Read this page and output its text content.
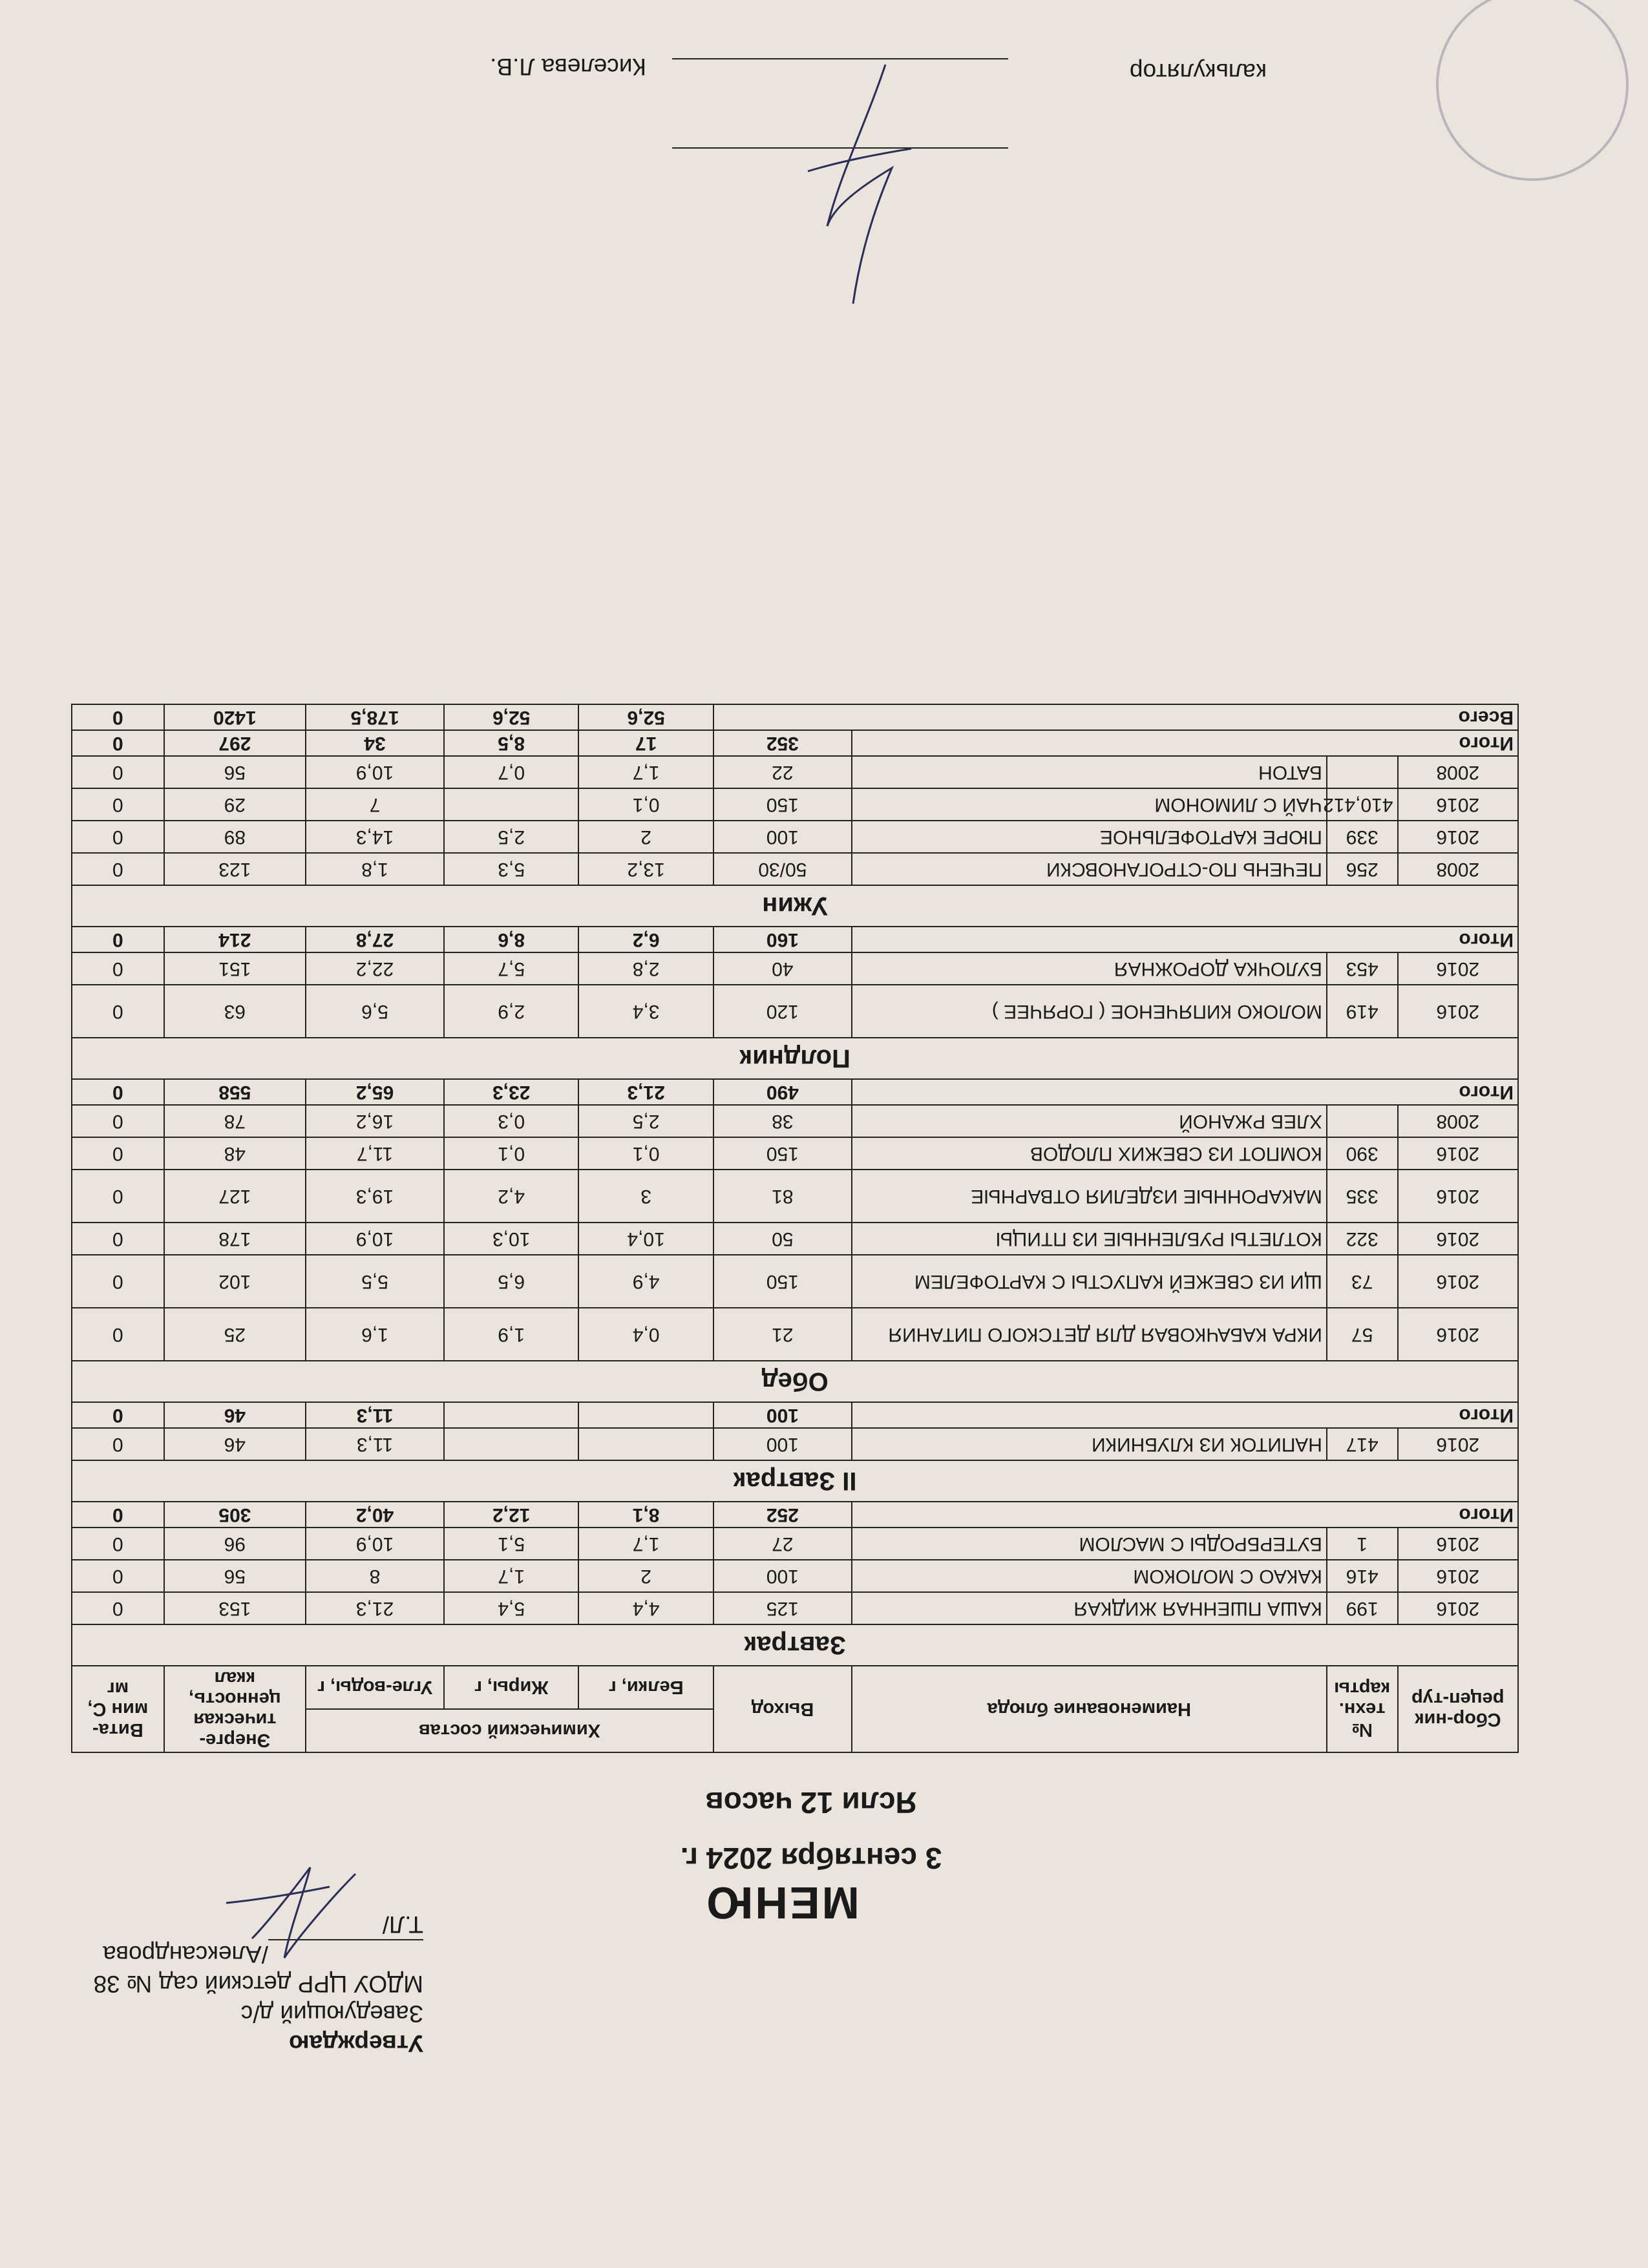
Утверждаю
Заведующий д/с
МДОУ ЦРР детский сад № 38
/Александрова Т.Л/	МЕНЮ
3 сентября 2024 г.
Ясли 12 часов
Сбор-ник рецеп-тур	№ техн. карты	Наименование блюда	Выход	Химический состав			Энерге-тическая ценность, ккал	Вита-мин С, мг
				Белки, г	Жиры, г	Угле-воды, г		
Завтрак								
2016	199	КАША ПШЕННАЯ ЖИДКАЯ	125	4,4	5,4	21,3	153	0
2016	416	КАКАО С МОЛОКОМ	100	2	1,7	8	56	0
2016	1	БУТЕРБРОДЫ С МАСЛОМ	27	1,7	5,1	10,9	96	0
Итого			252	8,1	12,2	40,2	305	0
II Завтрак								
2016	417	НАПИТОК ИЗ КЛУБНИКИ	100			11,3	46	0
Итого			100			11,3	46	0
Обед								
2016	57	ИКРА КАБАЧКОВАЯ ДЛЯ ДЕТСКОГО ПИТАНИЯ	21	0,4	1,9	1,6	25	0
2016	73	ЩИ ИЗ СВЕЖЕЙ КАПУСТЫ С КАРТОФЕЛЕМ	150	4,9	6,5	5,5	102	0
2016	322	КОТЛЕТЫ РУБЛЕННЫЕ ИЗ ПТИЦЫ	50	10,4	10,3	10,9	178	0
2016	335	МАКАРОННЫЕ ИЗДЕЛИЯ ОТВАРНЫЕ	81	3	4,2	19,3	127	0
2016	390	КОМПОТ ИЗ СВЕЖИХ ПЛОДОВ	150	0,1	0,1	11,7	48	0
2008		ХЛЕБ РЖАНОЙ	38	2,5	0,3	16,2	78	0
Итого			490	21,3	23,3	65,2	558	0
Полдник								
2016	419	МОЛОКО КИПЯЧЕНОЕ ( ГОРЯЧЕЕ )	120	3,4	2,9	5,6	63	0
2016	453	БУЛОЧКА ДОРОЖНАЯ	40	2,8	5,7	22,2	151	0
Итого			160	6,2	8,6	27,8	214	0
Ужин								
2008	256	ПЕЧЕНЬ ПО-СТРОГАНОВСКИ	50/30	13,2	5,3	1,8	123	0
2016	339	ПЮРЕ КАРТОФЕЛЬНОЕ	100	2	2,5	14,3	89	0
2016	410,412	ЧАЙ С ЛИМОНОМ	150	0,1		7	29	0
2008		БАТОН	22	1,7	0,7	10,9	56	0
Итого			352	17	8,5	34	297	0
Всего				52,6	52,6	178,5	1420	0
калькулятор
Киселева Л.В.
